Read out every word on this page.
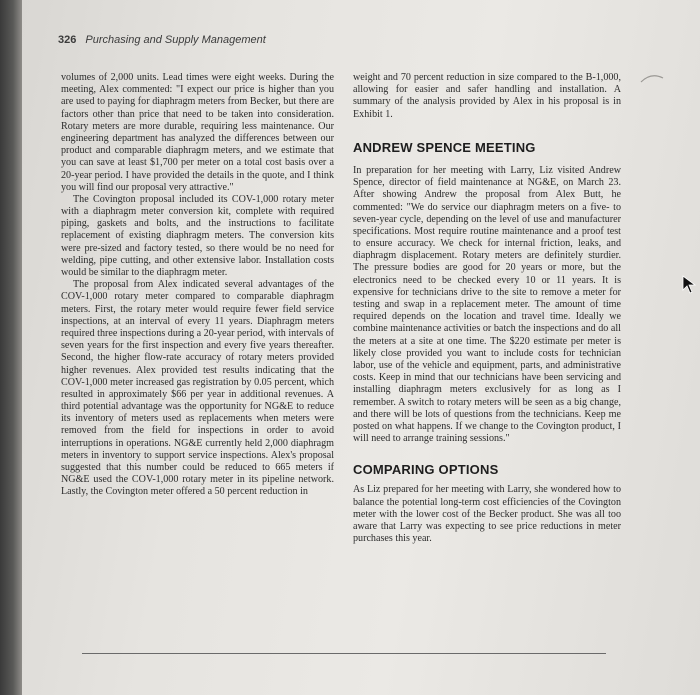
326 Purchasing and Supply Management

volumes of 2,000 units. Lead times were eight weeks. During the meeting, Alex commented: "I expect our price is higher than you are used to paying for diaphragm meters from Becker, but there are factors other than price that need to be taken into consideration. Rotary meters are more durable, requiring less maintenance. Our engineering department has analyzed the differences between our product and comparable diaphragm meters, and we estimate that you can save at least $1,700 per meter on a total cost basis over a 20-year period. I have provided the details in the quote, and I think you will find our proposal very attractive."

The Covington proposal included its COV-1,000 rotary meter with a diaphragm meter conversion kit, complete with required piping, gaskets and bolts, and the instructions to facilitate replacement of existing diaphragm meters. The conversion kits were pre-sized and factory tested, so there would be no need for welding, pipe cutting, and other extensive labor. Installation costs would be similar to the diaphragm meter.

The proposal from Alex indicated several advantages of the COV-1,000 rotary meter compared to comparable diaphragm meters. First, the rotary meter would require fewer field service inspections, at an interval of every 11 years. Diaphragm meters required three inspections during a 20-year period, with intervals of seven years for the first inspection and every five years thereafter. Second, the higher flow-rate accuracy of rotary meters provided higher revenues. Alex provided test results indicating that the COV-1,000 meter increased gas registration by 0.05 percent, which resulted in approximately $66 per year in additional revenues. A third potential advantage was the opportunity for NG&E to reduce its inventory of meters used as replacements when meters were removed from the field for inspections in order to avoid interruptions in operations. NG&E currently held 2,000 diaphragm meters in inventory to support service inspections. Alex's proposal suggested that this number could be reduced to 665 meters if NG&E used the COV-1,000 rotary meter in its pipeline network. Lastly, the Covington meter offered a 50 percent reduction in

weight and 70 percent reduction in size compared to the B-1,000, allowing for easier and safer handling and installation. A summary of the analysis provided by Alex in his proposal is in Exhibit 1.

ANDREW SPENCE MEETING

In preparation for her meeting with Larry, Liz visited Andrew Spence, director of field maintenance at NG&E, on March 23. After showing Andrew the proposal from Alex Butt, he commented: "We do service our diaphragm meters on a five- to seven-year cycle, depending on the level of use and manufacturer specifications. Most require routine maintenance and a proof test to ensure accuracy. We check for internal friction, leaks, and diaphragm displacement. Rotary meters are definitely sturdier. The pressure bodies are good for 20 years or more, but the electronics need to be checked every 10 or 11 years. It is expensive for technicians drive to the site to remove a meter for testing and swap in a replacement meter. The amount of time required depends on the location and travel time. Ideally we combine maintenance activities or batch the inspections and do all the meters at a site at one time. The $220 estimate per meter is likely close provided you want to include costs for technician labor, use of the vehicle and equipment, parts, and administrative costs. Keep in mind that our technicians have been servicing and installing diaphragm meters exclusively for as long as I remember. A switch to rotary meters will be seen as a big change, and there will be lots of questions from the technicians. Keep me posted on what happens. If we change to the Covington product, I will need to arrange training sessions."

COMPARING OPTIONS

As Liz prepared for her meeting with Larry, she wondered how to balance the potential long-term cost efficiencies of the Covington meter with the lower cost of the Becker product. She was all too aware that Larry was expecting to see price reductions in meter purchases this year.
